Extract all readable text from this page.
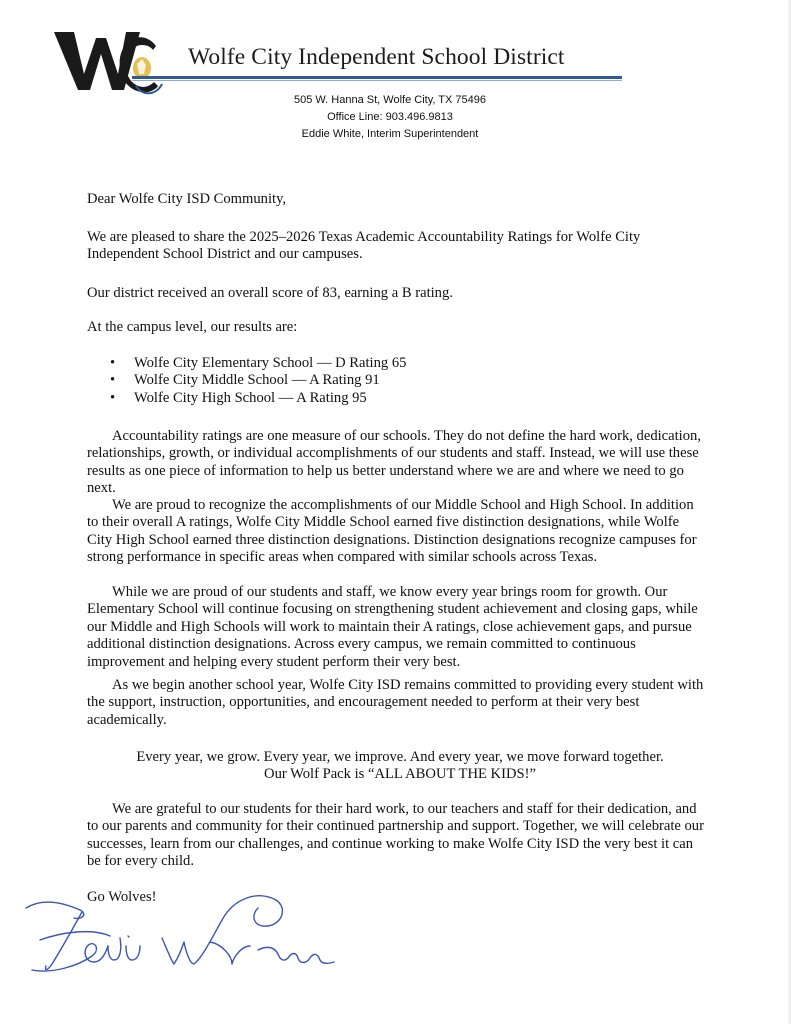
Wolfe City Independent School District
505 W. Hanna St, Wolfe City, TX 75496
Office Line: 903.496.9813
Eddie White, Interim Superintendent

Dear Wolfe City ISD Community,

We are pleased to share the 2025–2026 Texas Academic Accountability Ratings for Wolfe City Independent School District and our campuses.

Our district received an overall score of 83, earning a B rating.

At the campus level, our results are:

• Wolfe City Elementary School — D Rating 65
• Wolfe City Middle School — A Rating 91
• Wolfe City High School — A Rating 95

Accountability ratings are one measure of our schools. They do not define the hard work, dedication, relationships, growth, or individual accomplishments of our students and staff. Instead, we will use these results as one piece of information to help us better understand where we are and where we need to go next.

We are proud to recognize the accomplishments of our Middle School and High School. In addition to their overall A ratings, Wolfe City Middle School earned five distinction designations, while Wolfe City High School earned three distinction designations. Distinction designations recognize campuses for strong performance in specific areas when compared with similar schools across Texas.

While we are proud of our students and staff, we know every year brings room for growth. Our Elementary School will continue focusing on strengthening student achievement and closing gaps, while our Middle and High Schools will work to maintain their A ratings, close achievement gaps, and pursue additional distinction designations. Across every campus, we remain committed to continuous improvement and helping every student perform their very best.

As we begin another school year, Wolfe City ISD remains committed to providing every student with the support, instruction, opportunities, and encouragement needed to perform at their very best academically.

Every year, we grow. Every year, we improve. And every year, we move forward together.
Our Wolf Pack is “ALL ABOUT THE KIDS!”

We are grateful to our students for their hard work, to our teachers and staff for their dedication, and to our parents and community for their continued partnership and support. Together, we will celebrate our successes, learn from our challenges, and continue working to make Wolfe City ISD the very best it can be for every child.

Go Wolves!
